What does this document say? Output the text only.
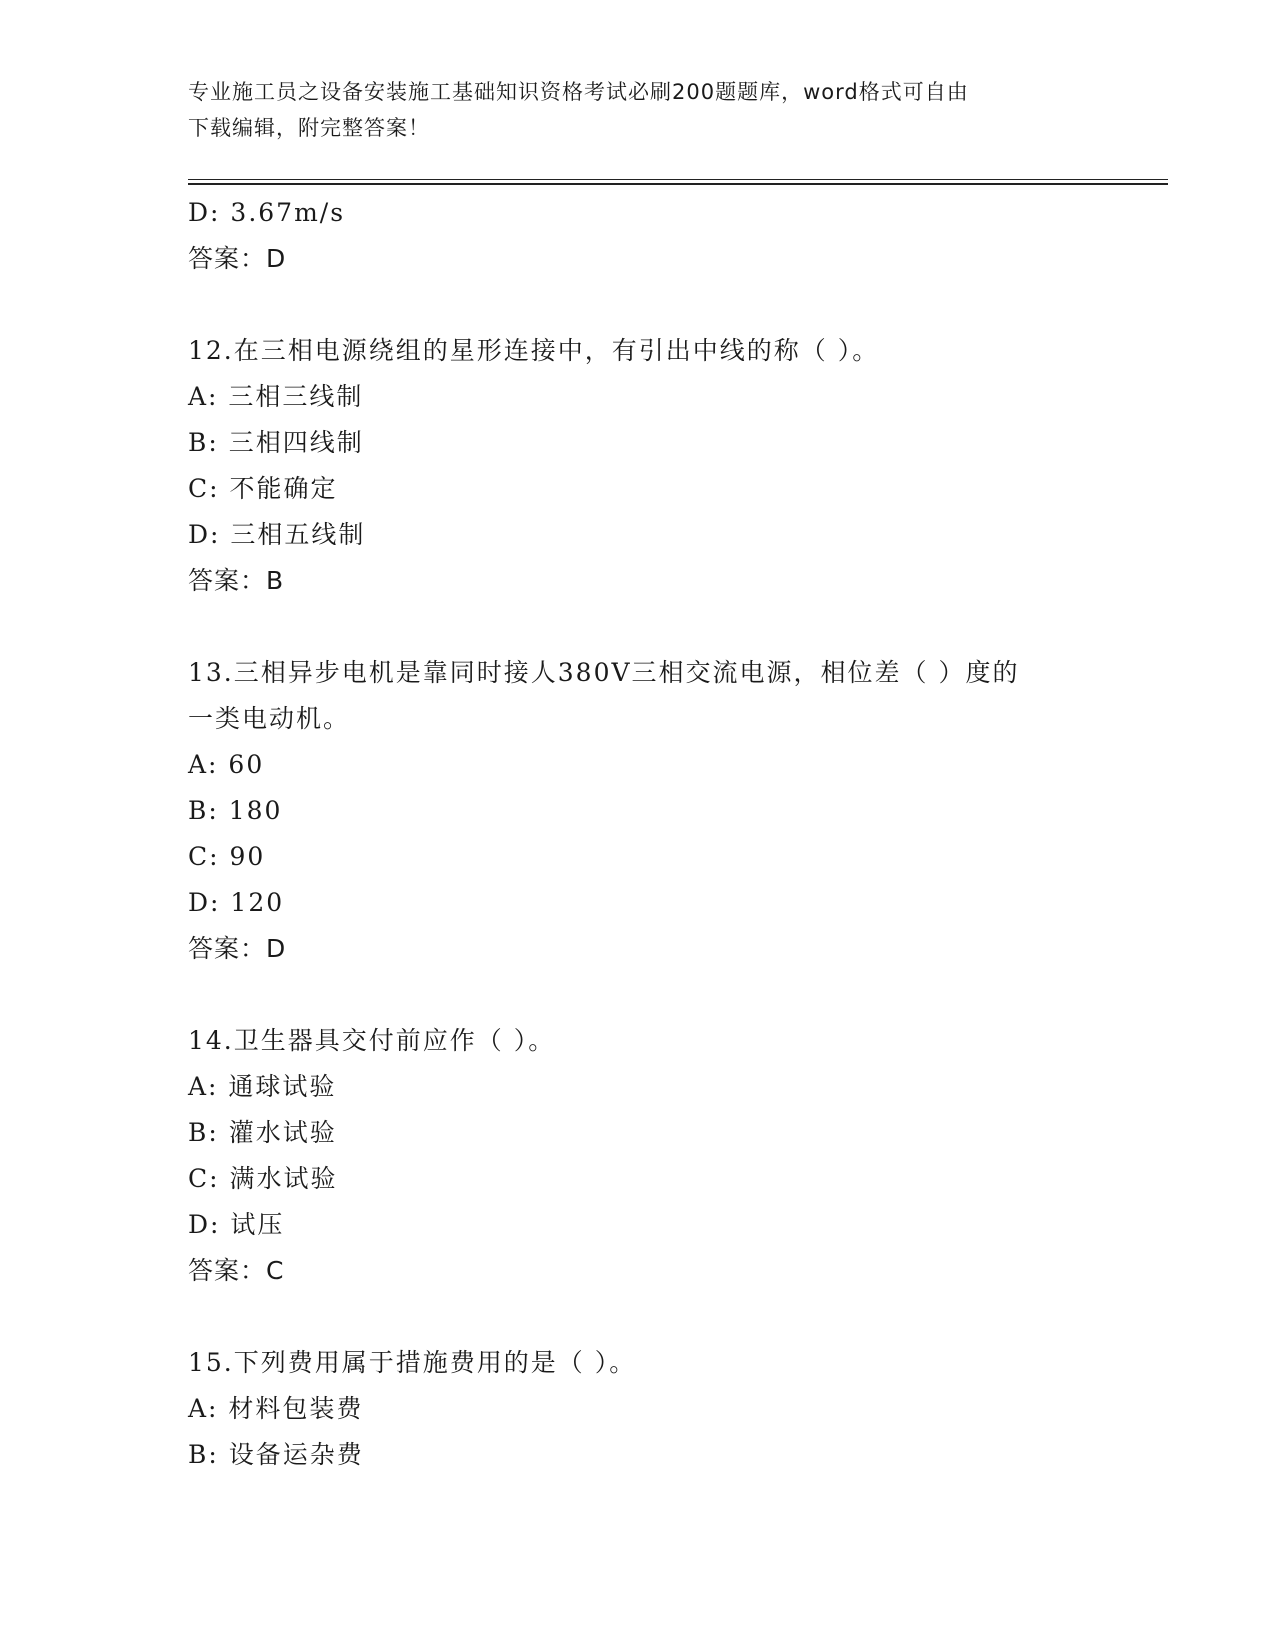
专业施工员之设备安装施工基础知识资格考试必刷200题题库，word格式可自由
下载编辑，附完整答案！
D: 3.67m/s
答案：D
12.在三相电源绕组的星形连接中，有引出中线的称（ ）。
A: 三相三线制
B: 三相四线制
C: 不能确定
D: 三相五线制
答案：B
13.三相异步电机是靠同时接人380V三相交流电源，相位差（ ）度的
一类电动机。
A: 60
B: 180
C: 90
D: 120
答案：D
14.卫生器具交付前应作（ ）。
A: 通球试验
B: 灌水试验
C: 满水试验
D: 试压
答案：C
15.下列费用属于措施费用的是（ ）。
A: 材料包装费
B: 设备运杂费
